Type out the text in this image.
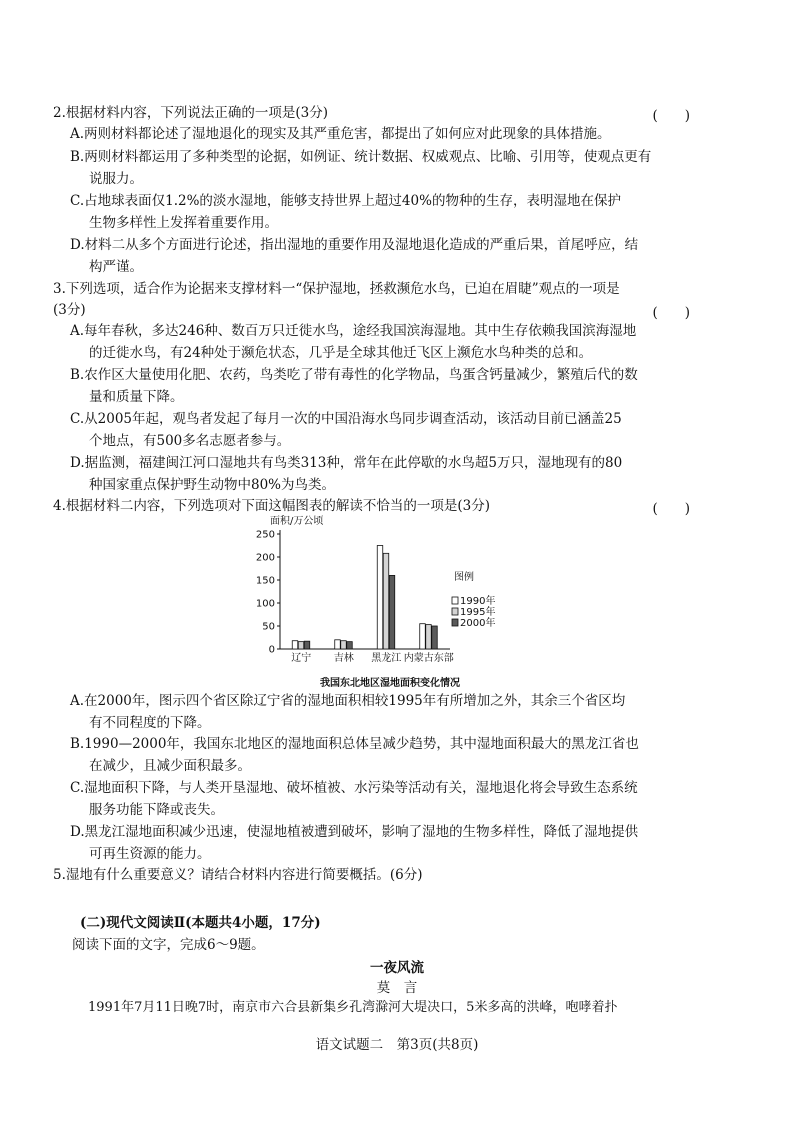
2.根据材料内容，下列说法正确的一项是(3分)	(　　)
A.两则材料都论述了湿地退化的现实及其严重危害，都提出了如何应对此现象的具体措施。
B.两则材料都运用了多种类型的论据，如例证、统计数据、权威观点、比喻、引用等，使观点更有
说服力。
C.占地球表面仅1.2%的淡水湿地，能够支持世界上超过40%的物种的生存，表明湿地在保护
生物多样性上发挥着重要作用。
D.材料二从多个方面进行论述，指出湿地的重要作用及湿地退化造成的严重后果，首尾呼应，结
构严谨。
3.下列选项，适合作为论据来支撑材料一“保护湿地，拯救濒危水鸟，已迫在眉睫”观点的一项是
(3分)	(　　)
A.每年春秋，多达246种、数百万只迁徙水鸟，途经我国滨海湿地。其中生存依赖我国滨海湿地
的迁徙水鸟，有24种处于濒危状态，几乎是全球其他迁飞区上濒危水鸟种类的总和。
B.农作区大量使用化肥、农药，鸟类吃了带有毒性的化学物品，鸟蛋含钙量减少，繁殖后代的数
量和质量下降。
C.从2005年起，观鸟者发起了每月一次的中国沿海水鸟同步调查活动，该活动目前已涵盖25
个地点，有500多名志愿者参与。
D.据监测，福建闽江河口湿地共有鸟类313种，常年在此停歇的水鸟超5万只，湿地现有的80
种国家重点保护野生动物中80%为鸟类。
4.根据材料二内容，下列选项对下面这幅图表的解读不恰当的一项是(3分)	(　　)
面积/万公顷
0
50
100
150
200
250
辽宁 吉林 黑龙江 内蒙古东部
图例
1990年
1995年
2000年
我国东北地区湿地面积变化情况
A.在2000年，图示四个省区除辽宁省的湿地面积相较1995年有所增加之外，其余三个省区均
有不同程度的下降。
B.1990—2000年，我国东北地区的湿地面积总体呈减少趋势，其中湿地面积最大的黑龙江省也
在减少，且减少面积最多。
C.湿地面积下降，与人类开垦湿地、破坏植被、水污染等活动有关，湿地退化将会导致生态系统
服务功能下降或丧失。
D.黑龙江湿地面积减少迅速，使湿地植被遭到破坏，影响了湿地的生物多样性，降低了湿地提供
可再生资源的能力。
5.湿地有什么重要意义？请结合材料内容进行简要概括。(6分)
(二)现代文阅读Ⅱ(本题共4小题，17分)
阅读下面的文字，完成6～9题。
一夜风流
莫　言
1991年7月11日晚7时，南京市六合县新集乡孔湾滁河大堤决口，5米多高的洪峰，咆哮着扑
语文试题二　第3页(共8页)
